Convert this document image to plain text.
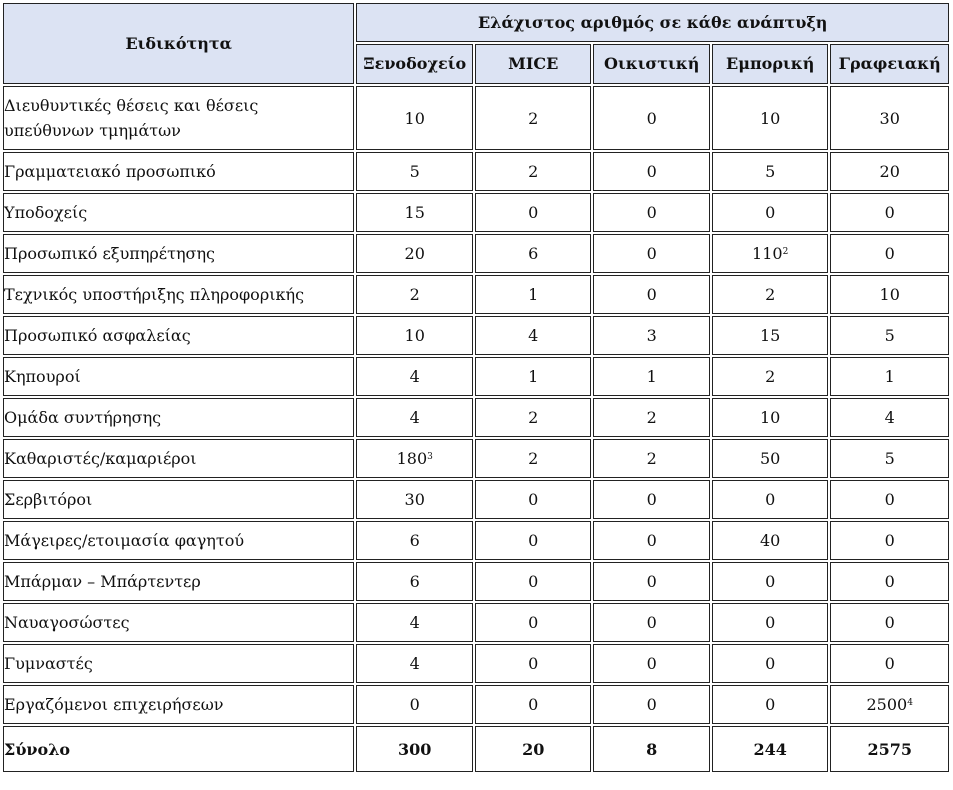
Ειδικότητα	Ελάχιστος αριθμός σε κάθε ανάπτυξη				
	Ξενοδοχείο	MICE	Οικιστική	Εμπορική	Γραφειακή
Διευθυντικές θέσεις και θέσεις υπεύθυνων τμημάτων	10	2	0	10	30
Γραμματειακό προσωπικό	5	2	0	5	20
Υποδοχείς	15	0	0	0	0
Προσωπικό εξυπηρέτησης	20	6	0	$110^2$	0
Τεχνικός υποστήριξης πληροφορικής	2	1	0	2	10
Προσωπικό ασφαλείας	10	4	3	15	5
Κηπουροί	4	1	1	2	1
Ομάδα συντήρησης	4	2	2	10	4
Καθαριστές/καμαριέροι	$180^3$	2	2	50	5
Σερβιτόροι	30	0	0	0	0
Μάγειρες/ετοιμασία φαγητού	6	0	0	40	0
Μπάρμαν – Μπάρτεντερ	6	0	0	0	0
Ναυαγοσώστες	4	0	0	0	0
Γυμναστές	4	0	0	0	0
Εργαζόμενοι επιχειρήσεων	0	0	0	0	2500$^4$
Σύνολο	300	20	8	244	2575
